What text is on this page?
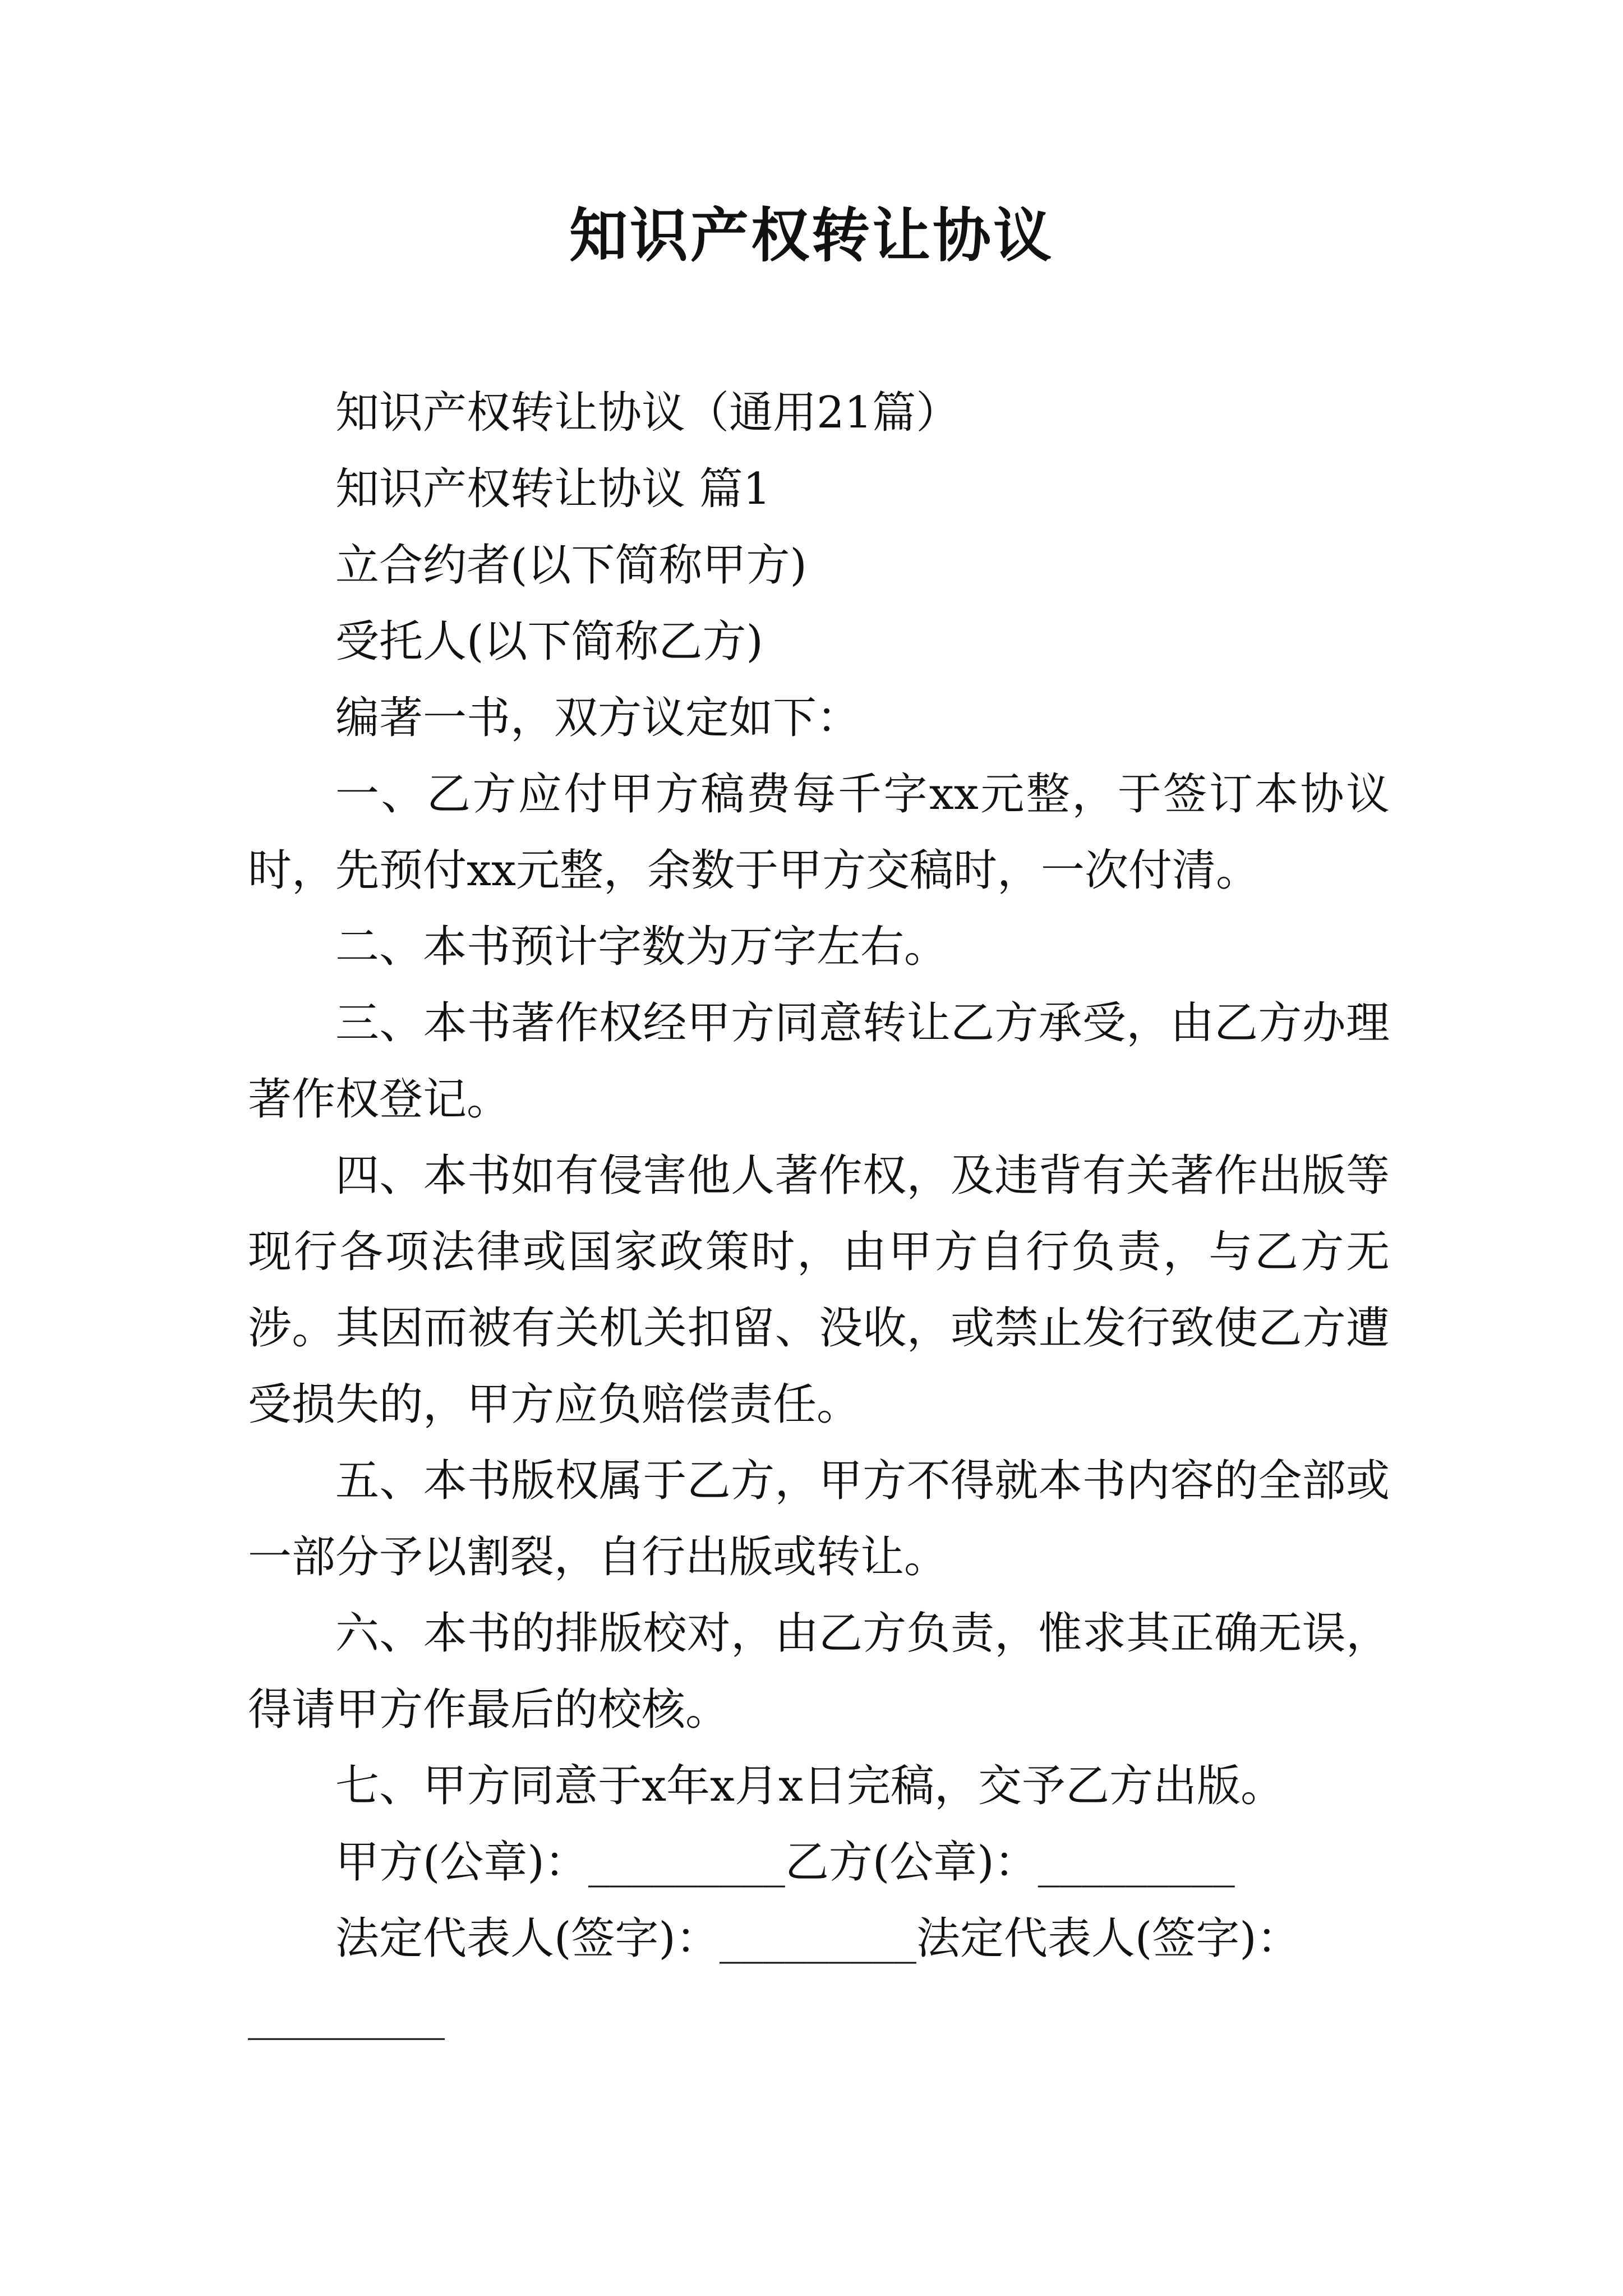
知识产权转让协议

知识产权转让协议（通用21篇）

知识产权转让协议 篇1

立合约者(以下简称甲方)

受托人(以下简称乙方)

编著一书，双方议定如下：

一、乙方应付甲方稿费每千字xx元整，于签订本协议时，先预付xx元整，余数于甲方交稿时，一次付清。

二、本书预计字数为万字左右。

三、本书著作权经甲方同意转让乙方承受，由乙方办理著作权登记。

四、本书如有侵害他人著作权，及违背有关著作出版等现行各项法律或国家政策时，由甲方自行负责，与乙方无涉。其因而被有关机关扣留、没收，或禁止发行致使乙方遭受损失的，甲方应负赔偿责任。

五、本书版权属于乙方，甲方不得就本书内容的全部或一部分予以割裂，自行出版或转让。

六、本书的排版校对，由乙方负责，惟求其正确无误，得请甲方作最后的校核。

七、甲方同意于x年x月x日完稿，交予乙方出版。

甲方(公章)：_________乙方(公章)：_________

法定代表人(签字)：_________法定代表人(签字)：

_________
